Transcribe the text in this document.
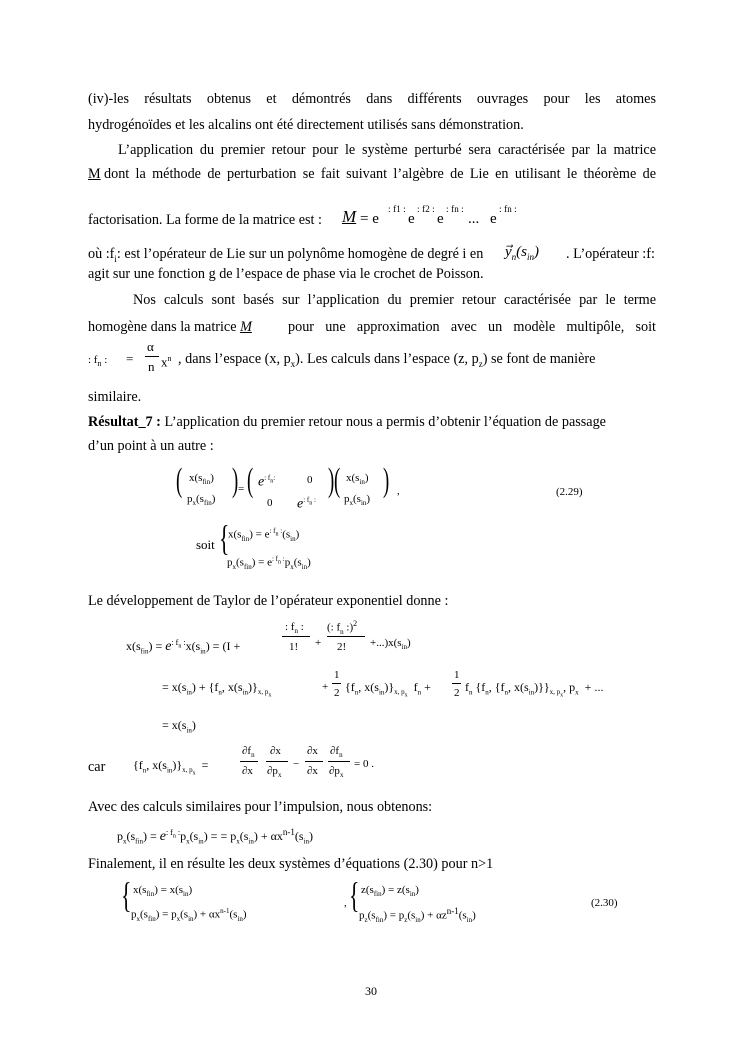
(iv)-les résultats obtenus et démontrés dans différents ouvrages pour les atomes
hydrogénoïdes et les alcalins ont été directement utilisés sans démonstration.
L’application du premier retour pour le système perturbé sera caractérisée par la matrice
M dont la méthode de perturbation se fait suivant l’algèbre de Lie en utilisant le théorème de
factorisation. La forme de la matrice est : M = e
: f1 :
e
: f2 :
e
: fn :
... e
: fn :
où $:f_i$: est l’opérateur de Lie sur un polynôme homogène de degré i en $y_n(s_{in})$ . L’opérateur :f:
agit sur une fonction g de l’espace de phase via le crochet de Poisson.
Nos calculs sont basés sur l’application du premier retour caractérisée par le terme
homogène dans la matrice M	pour une approximation avec un modèle multipôle, soit
: $f_n$ : =
α
n $x^n$ , dans l’espace (x, $p_x$). Les calculs dans l’espace (z, $p_z$) se font de manière
similaire.
Résultat_7 : L’application du premier retour nous a permis d’obtenir l’équation de passage
d’un point à un autre :
( $x(s_{fin})$
$p_x(s_{fin})$ ) = ( $e^{: f_n:}$	0
0 $e^{: f_n :}$
) ( $x(s_{in})$
$p_x(s_{in})$ ) ,	(2.29)
soit {
$x(s_{fin}) = e^{: f_n :}(s_{in})$
$p_x(s_{fin}) = e^{: f_n :}p_x(s_{in})$
Le développement de Taylor de l’opérateur exponentiel donne :
$x(s_{fin}) = e^{: f_n :}x(s_{in}) = (I$ +
: $f_n$ :
1! +
(: $f_n$ :)$^2$
2! $+...)x(s_{in})$
= $x(s_{in}) + \{f_n$, $x(s_{in})\}_{x, p_x}$
+
1
2 {$f_n$, $x(s_{in})\}_{x, p_x}$  $f_n$ +
1
2 $f_n$ {$f_n$, {$f_n$, $x(s_{in})\}\}_{x, p_x}$, $p_x$  + ...
= $x(s_{in})$
car {$f_n$, $x(s_{in})\}_{x, p_x}$  =
$\partial f_n$
∂x
∂x
$\partial p_x$
−
∂x
∂x
$\partial f_n$
$\partial p_x$
= 0 .
Avec des calculs similaires pour l’impulsion, nous obtenons:
$p_x(s_{fin}) = e^{: f_n :}p_x(s_{in})$ = = $p_x(s_{in}) + \alpha x^{n-1}(s_{in})$
Finalement, il en résulte les deux systèmes d’équations (2.30) pour n>1
{ $x(s_{fin}) = x(s_{in})$
$p_x(s_{fin}) = p_x(s_{in}) + \alpha x^{n-1}(s_{in})$
, { $z(s_{fin}) = z(s_{in})$
$p_z(s_{fin}) = p_z(s_{in}) + \alpha z^{n-1}(s_{in})$
(2.30)
30
